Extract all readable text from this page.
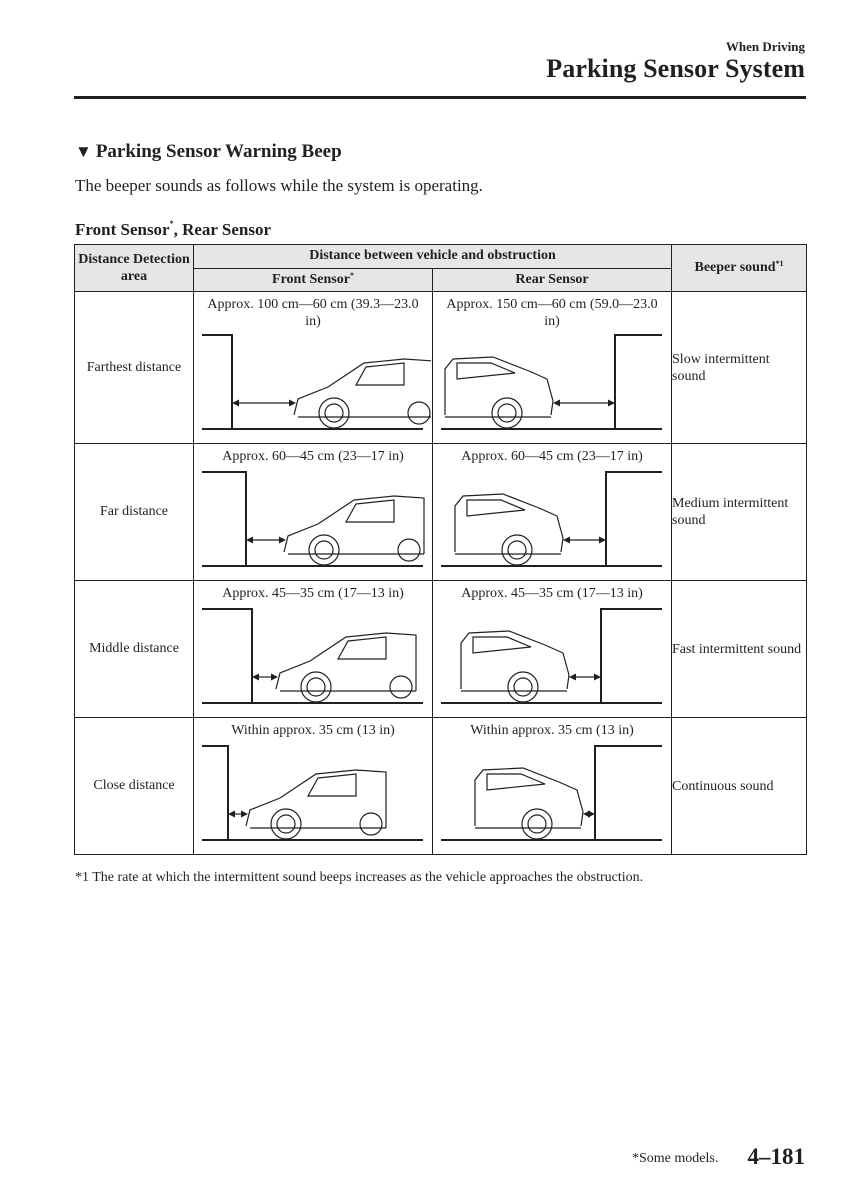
When Driving
Parking Sensor System
▼ Parking Sensor Warning Beep
The beeper sounds as follows while the system is operating.
Front Sensor*, Rear Sensor
Distance Detection area	Distance between vehicle and obstruction		Beeper sound$^{*1}$
	Front Sensor*	Rear Sensor	
Farthest distance	Approx. 100 cm—60 cm (39.3—23.0 in)	Approx. 150 cm—60 cm (59.0—23.0 in)	Slow intermittent sound
Far distance	Approx. 60—45 cm (23—17 in)	Approx. 60—45 cm (23—17 in)	Medium intermittent sound
Middle distance	Approx. 45—35 cm (17—13 in)	Approx. 45—35 cm (17—13 in)	Fast intermittent sound
Close distance	Within approx. 35 cm (13 in)	Within approx. 35 cm (13 in)	Continuous sound
*1 The rate at which the intermittent sound beeps increases as the vehicle approaches the obstruction.
*Some models. 4–181
